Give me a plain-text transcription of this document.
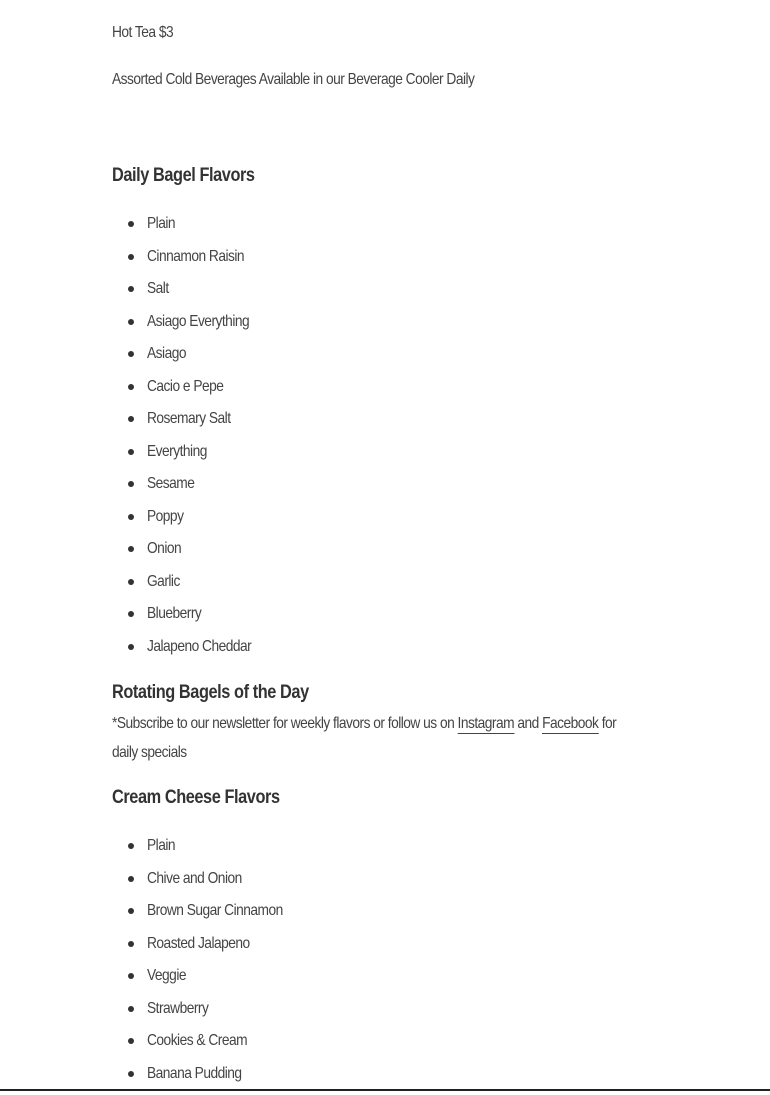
Hot Tea $3

Assorted Cold Beverages Available in our Beverage Cooler Daily

Daily Bagel Flavors
Plain
Cinnamon Raisin
Salt
Asiago Everything
Asiago
Cacio e Pepe
Rosemary Salt
Everything
Sesame
Poppy
Onion
Garlic
Blueberry
Jalapeno Cheddar
Rotating Bagels of the Day

*Subscribe to our newsletter for weekly flavors or follow us on Instagram and Facebook for daily specials

Cream Cheese Flavors
Plain
Chive and Onion
Brown Sugar Cinnamon
Roasted Jalapeno
Veggie
Strawberry
Cookies & Cream
Banana Pudding
